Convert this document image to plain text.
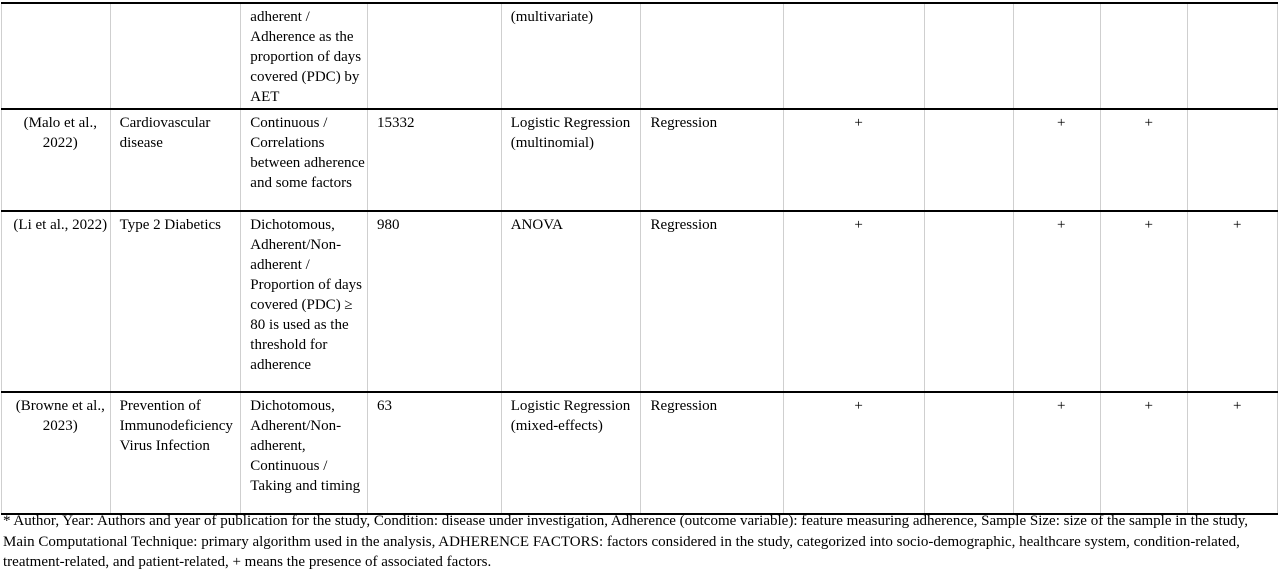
		adherent / Adherence as the proportion of days covered (PDC) by AET		(multivariate)						
(Malo et al., 2022)	Cardiovascular disease	Continuous / Correlations between adherence and some factors	15332	Logistic Regression (multinomial)	Regression	+		+	+	
(Li et al., 2022)	Type 2 Diabetics	Dichotomous, Adherent/Non-adherent / Proportion of days covered (PDC) ≥ 80 is used as the threshold for adherence	980	ANOVA	Regression	+		+	+	+
(Browne et al., 2023)	Prevention of Immunodeficiency Virus Infection	Dichotomous, Adherent/Non-adherent, Continuous / Taking and timing	63	Logistic Regression (mixed-effects)	Regression	+		+	+	+
* Author, Year: Authors and year of publication for the study, Condition: disease under investigation, Adherence (outcome variable): feature measuring adherence, Sample Size: size of the sample in the study, Main Computational Technique: primary algorithm used in the analysis, ADHERENCE FACTORS: factors considered in the study, categorized into socio-demographic, healthcare system, condition-related, treatment-related, and patient-related, + means the presence of associated factors.
